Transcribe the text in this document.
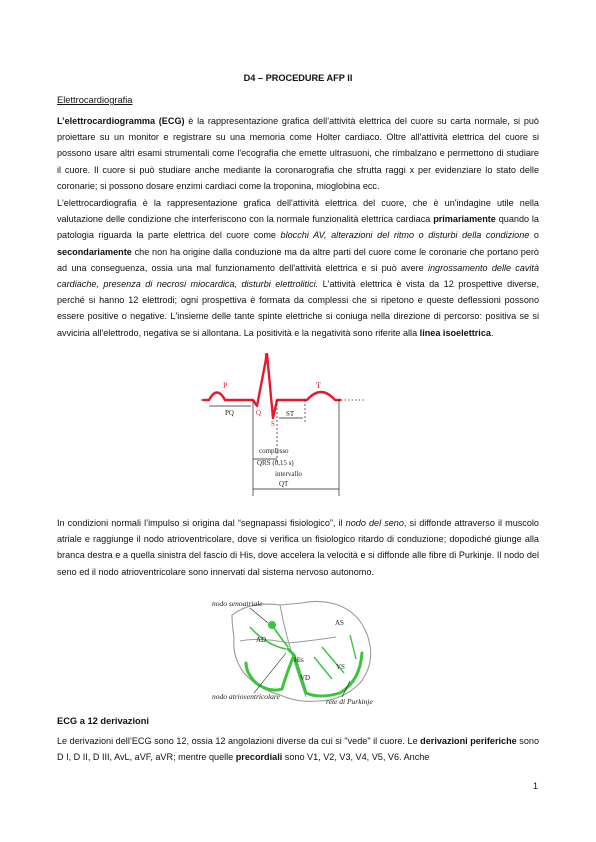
D4 – PROCEDURE AFP II
Elettrocardiografia

L’elettrocardiogramma (ECG) è la rappresentazione grafica dell’attività elettrica del cuore su carta normale, si può proiettare su un monitor e registrare su una memoria come Holter cardiaco. Oltre all'attività elettrica del cuore si possono usare altri esami strumentali come l'ecografia che emette ultrasuoni, che rimbalzano e permettono di studiare il cuore. Il cuore si può studiare anche mediante la coronarografia che sfrutta raggi x per evidenziare lo stato delle coronarie; si possono dosare enzimi cardiaci come la troponina, mioglobina ecc.

L'elettrocardiografia è la rappresentazione grafica dell'attività elettrica del cuore, che è un'indagine utile nella valutazione delle condizione che interferiscono con la normale funzionalità elettrica cardiaca primariamente quando la patologia riguarda la parte elettrica del cuore come blocchi AV, alterazioni del ritmo o disturbi della condizione o secondariamente che non ha origine dalla conduzione ma da altre parti del cuore come le coronarie che portano però ad una conseguenza, ossia una mal funzionamento dell'attività elettrica e si può avere ingrossamento delle cavità cardiache, presenza di necrosi miocardica, disturbi elettrolitici. L'attività elettrica è vista da 12 prospettive diverse, perché si hanno 12 elettrodi; ogni prospettiva è formata da complessi che si ripetono e queste deflessioni possono essere positive o negative. L'insieme delle tante spinte elettriche si coniuga nella direzione di percorso: positiva se si avvicina all'elettrodo, negativa se si allontana. La positività e la negatività sono riferite alla linea isoelettrica.

P
R
T
Q
S
PQ	ST
complesso
QRS (0,15 s)
intervallo
QT

In condizioni normali l’impulso si origina dal “segnapassi fisiologico”, il nodo del seno, si diffonde attraverso il muscolo atriale e raggiunge il nodo atrioventricolare, dove si verifica un fisiologico ritardo di conduzione; dopodiché giunge alla branca destra e a quella sinistra del fascio di His, dove accelera la velocità e si diffonde alle fibre di Purkinje. Il nodo del seno ed il nodo atrioventricolare sono innervati dal sistema nervoso autonomo.

nodo senoatriale
AD
AS
His
VS
VD
nodo atrioventricolare
rete di Purkinje
ECG a 12 derivazioni

Le derivazioni dell’ECG sono 12, ossia 12 angolazioni diverse da cui si "vede" il cuore. Le derivazioni periferiche sono D I, D II, D III, AvL, aVF, aVR; mentre quelle precordiali sono V1, V2, V3, V4, V5, V6. Anche

1
